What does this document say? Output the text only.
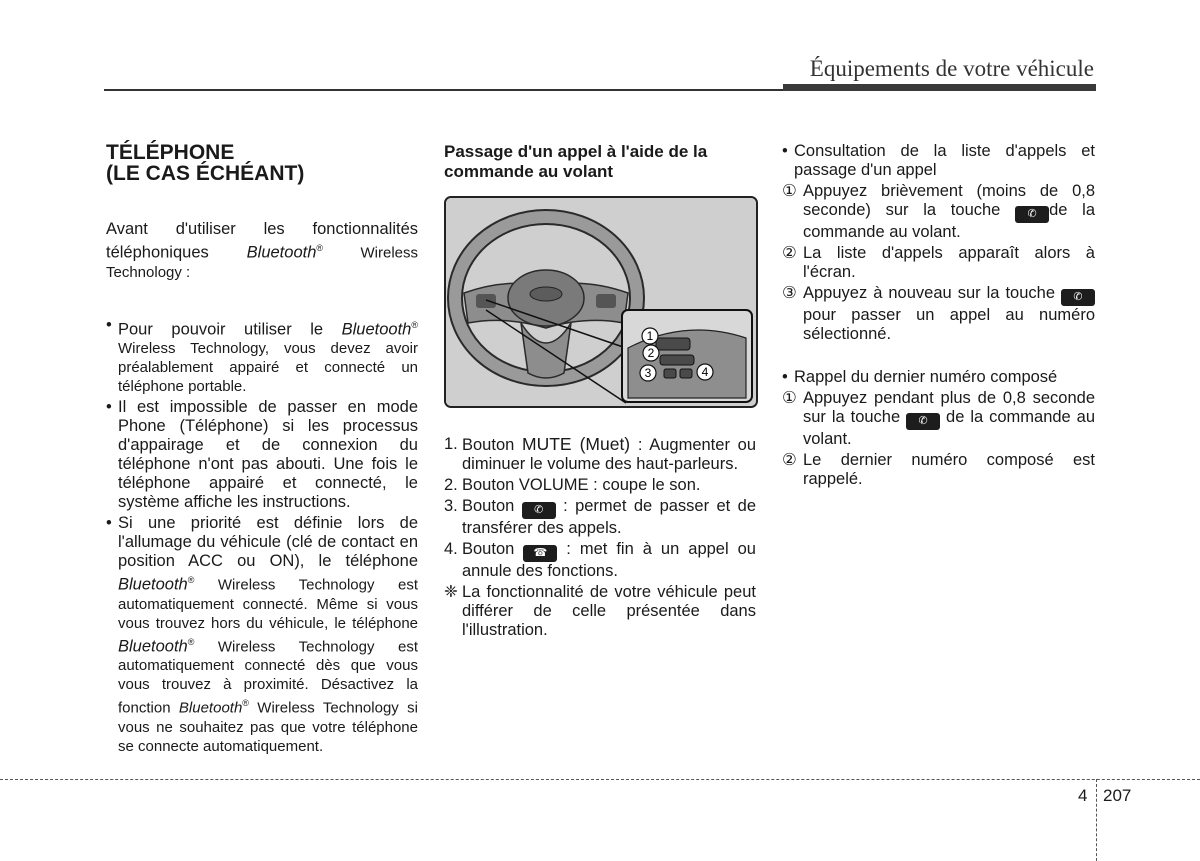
Équipements de votre véhicule
TÉLÉPHONE
(LE CAS ÉCHÉANT)

Avant d'utiliser les fonctionnalités téléphoniques Bluetooth® Wireless Technology :

• Pour pouvoir utiliser le Bluetooth® Wireless Technology, vous devez avoir préalablement appairé et connecté un téléphone portable.
• Il est impossible de passer en mode Phone (Téléphone) si les processus d'appairage et de connexion du téléphone n'ont pas abouti. Une fois le téléphone appairé et connecté, le système affiche les instructions.
• Si une priorité est définie lors de l'allumage du véhicule (clé de contact en position ACC ou ON), le téléphone Bluetooth® Wireless Technology est automatiquement connecté. Même si vous vous trouvez hors du véhicule, le téléphone Bluetooth® Wireless Technology est automatiquement connecté dès que vous vous trouvez à proximité. Désactivez la fonction Bluetooth® Wireless Technology si vous ne souhaitez pas que votre téléphone se connecte automatiquement.
Passage d'un appel à l'aide de la commande au volant
1
2
3	4
1. Bouton MUTE (Muet) : Augmenter ou diminuer le volume des haut-parleurs.
2. Bouton VOLUME : coupe le son.
3. Bouton ✆ : permet de passer et de transférer des appels.
4. Bouton ☎ : met fin à un appel ou annule des fonctions.
❈ La fonctionnalité de votre véhicule peut différer de celle présentée dans l'illustration.
• Consultation de la liste d'appels et passage d'un appel
① Appuyez brièvement (moins de 0,8 seconde) sur la touche ✆ de la commande au volant.
② La liste d'appels apparaît alors à l'écran.
③ Appuyez à nouveau sur la touche ✆ pour passer un appel au numéro sélectionné.
• Rappel du dernier numéro composé
① Appuyez pendant plus de 0,8 seconde sur la touche ✆ de la commande au volant.
② Le dernier numéro composé est rappelé.
4 207
